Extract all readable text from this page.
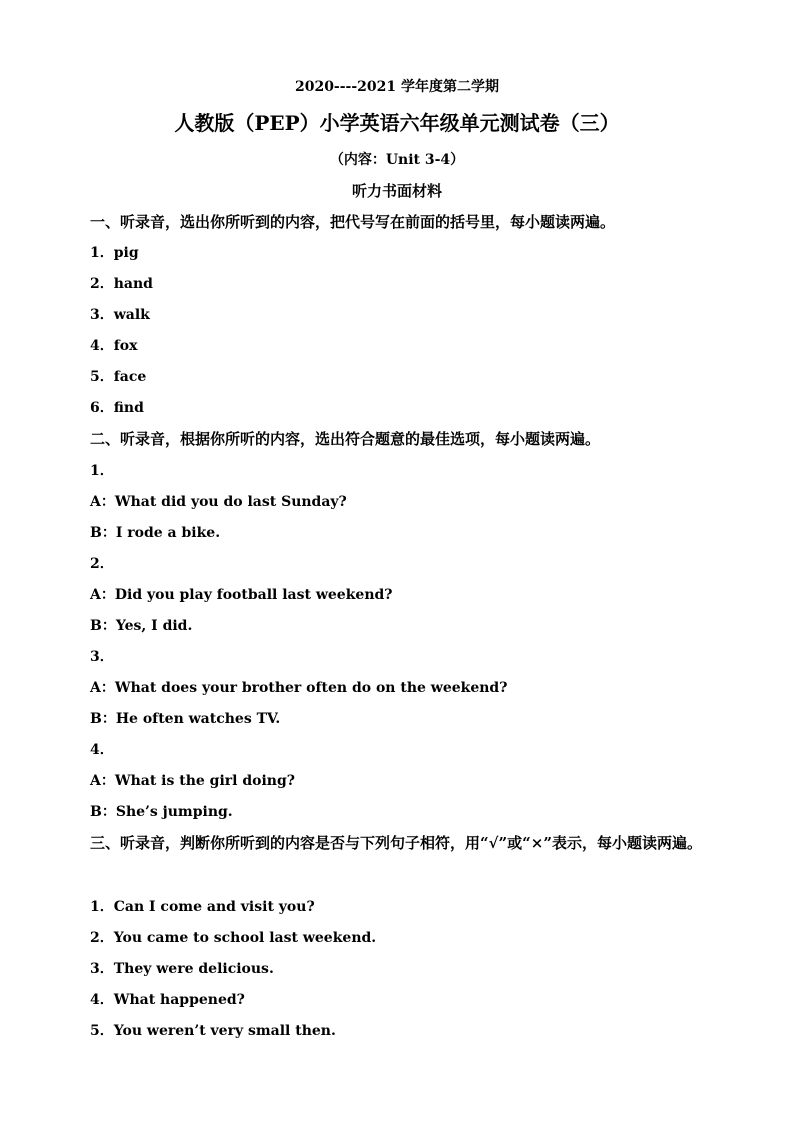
2020----2021 学年度第二学期
人教版（PEP）小学英语六年级单元测试卷（三）
（内容：Unit 3-4）
听力书面材料
一、听录音，选出你所听到的内容，把代号写在前面的括号里，每小题读两遍。
1．pig
2．hand
3．walk
4．fox
5．face
6．find
二、听录音，根据你所听的内容，选出符合题意的最佳选项，每小题读两遍。
1．
A：What did you do last Sunday?
B：I rode a bike.
2．
A：Did you play football last weekend?
B：Yes, I did.
3．
A：What does your brother often do on the weekend?
B：He often watches TV.
4．
A：What is the girl doing?
B：She’s jumping.
三、听录音，判断你所听到的内容是否与下列句子相符，用“√”或“×”表示，每小题读两遍。
1．Can I come and visit you?
2．You came to school last weekend.
3．They were delicious.
4．What happened?
5．You weren’t very small then.
